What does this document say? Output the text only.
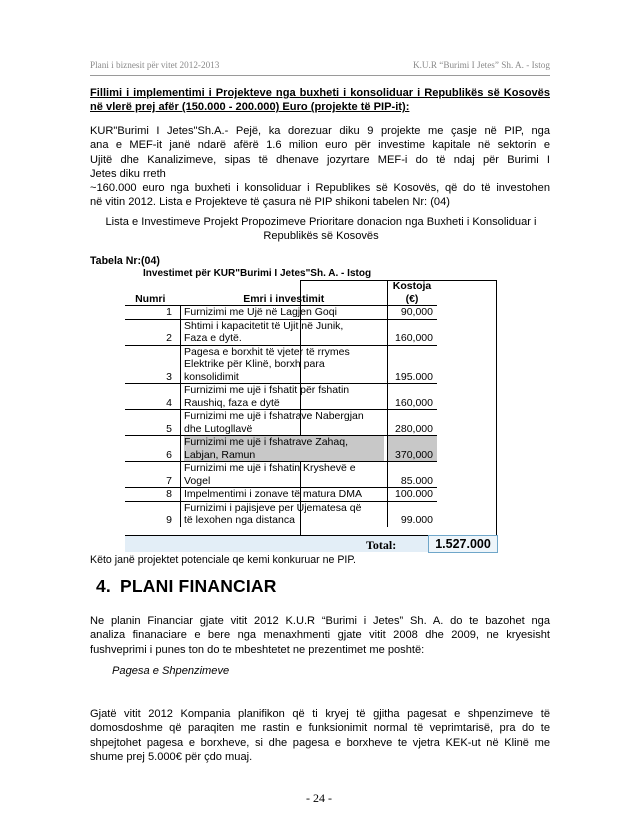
Plani i biznesit për vitet 2012-2013	K.U.R “Burimi I Jetes” Sh. A. - Istog
Fillimi i implementimi i Projekteve nga buxheti i konsoliduar i Republikës së Kosovës në vlerë prej afër (150.000 - 200.000) Euro (projekte të PIP-it):
KUR"Burimi I Jetes"Sh.A.- Pejë, ka dorezuar diku 9 projekte me çasje në PIP, nga
ana e MEF-it janë ndarë afërë 1.6 milion euro për investime kapitale në sektorin e
Ujitë dhe Kanalizimeve, sipas të dhenave jozyrtare MEF-i do të ndaj për Burimi I
Jetes diku rreth
~160.000 euro nga buxheti i konsoliduar i Republikes së Kosovës, që do të investohen
në vitin 2012. Lista e Projekteve të çasura në PIP shikoni tabelen Nr: (04)
Lista e Investimeve Projekt Propozimeve Prioritare donacion nga Buxheti i Konsoliduar i
Republikës së Kosovës
Tabela Nr:(04)
Investimet për KUR"Burimi I Jetes"Sh. A. - Istog
Numri	Emri i investimit	Kostoja
(€)

1	Furnizimi me Ujë në Lagjen Goqi	90,000
2	Shtimi i kapacitetit të Ujit në Junik,
Faza e dytë.	160,000
3	Pagesa e borxhit të vjeter të rrymes
Elektrike për Klinë, borxh para
konsolidimit	195.000
4	Furnizimi me ujë i fshatit për fshatin
Raushiq, faza e dytë	160,000
5	Furnizimi me ujë i fshatrave Nabergjan
dhe Lutogllavë	280,000
6	Furnizimi me ujë i fshatrave Zahaq,
Labjan, Ramun	370,000
7	Furnizimi me ujë i fshatin Kryshevë e
Vogel	85.000
8	Impelmentimi i zonave të matura DMA	100.000
9	Furnizimi i pajisjeve per Ujematesa që
të lexohen nga distanca	99.000
Total:	1.527.000
Këto janë projektet potenciale qe kemi konkuruar ne PIP.
4. PLANI FINANCIAR
Ne planin Financiar gjate vitit 2012 K.U.R “Burimi i Jetes” Sh. A. do te bazohet nga
analiza finanaciare e bere nga menaxhmenti gjate vitit 2008 dhe 2009, ne kryesisht
fushveprimi i punes ton do te mbeshtetet ne prezentimet me poshtë:
Pagesa e Shpenzimeve
Gjatë vitit 2012 Kompania planifikon që ti kryej të gjitha pagesat e shpenzimeve të
domosdoshme që paraqiten me rastin e funksionimit normal të veprimtarisë, pra do te
shpejtohet pagesa e borxheve, si dhe pagesa e borxheve te vjetra KEK-ut në Klinë me
shume prej 5.000€ për çdo muaj.
- 24 -
